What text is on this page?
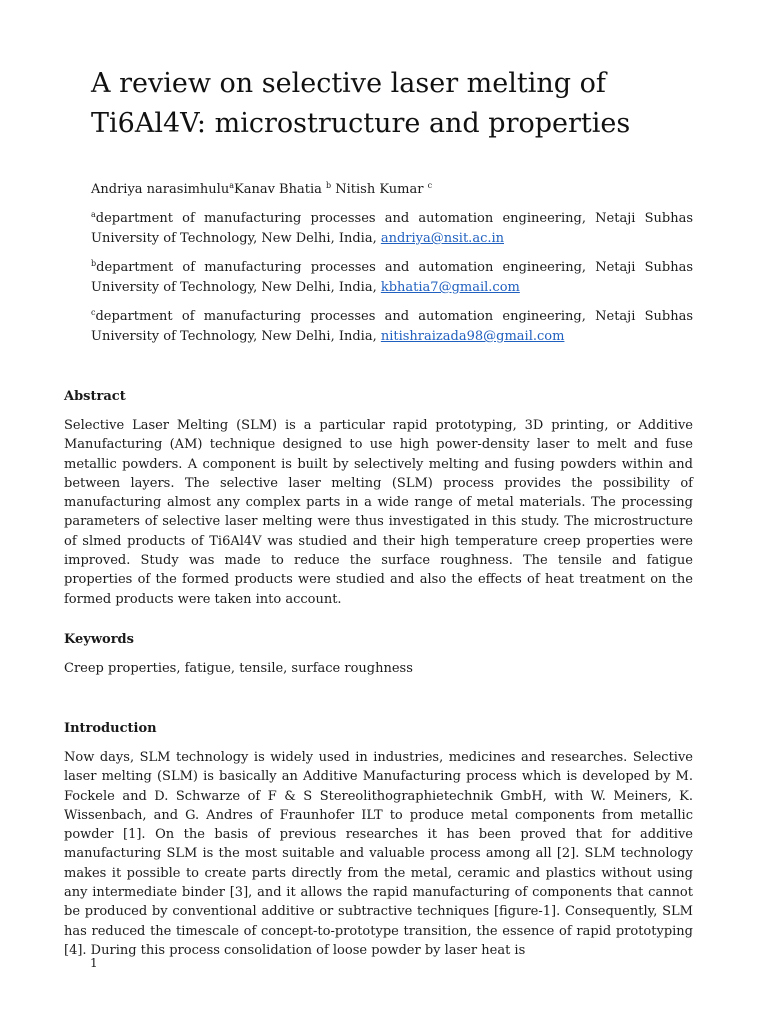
A review on selective laser melting of Ti6Al4V: microstructure and properties

Andriya narasimhulu$^a$Kanav Bhatia $^b$ Nitish Kumar $^c$

$^a$department of manufacturing processes and automation engineering, Netaji Subhas University of Technology, New Delhi, India, andriya@nsit.ac.in

$^b$department of manufacturing processes and automation engineering, Netaji Subhas University of Technology, New Delhi, India, kbhatia7@gmail.com

$^c$department of manufacturing processes and automation engineering, Netaji Subhas University of Technology, New Delhi, India, nitishraizada98@gmail.com

Abstract

Selective Laser Melting (SLM) is a particular rapid prototyping, 3D printing, or Additive Manufacturing (AM) technique designed to use high power-density laser to melt and fuse metallic powders. A component is built by selectively melting and fusing powders within and between layers. The selective laser melting (SLM) process provides the possibility of manufacturing almost any complex parts in a wide range of metal materials. The processing parameters of selective laser melting were thus investigated in this study. The microstructure of slmed products of Ti6Al4V was studied and their high temperature creep properties were improved. Study was made to reduce the surface roughness. The tensile and fatigue properties of the formed products were studied and also the effects of heat treatment on the formed products were taken into account.

Keywords

Creep properties, fatigue, tensile, surface roughness

Introduction

Now days, SLM technology is widely used in industries, medicines and researches. Selective laser melting (SLM) is basically an Additive Manufacturing process which is developed by M. Fockele and D. Schwarze of F & S Stereolithographietechnik GmbH, with W. Meiners, K. Wissenbach, and G. Andres of Fraunhofer ILT to produce metal components from metallic powder [1]. On the basis of previous researches it has been proved that for additive manufacturing SLM is the most suitable and valuable process among all [2]. SLM technology makes it possible to create parts directly from the metal, ceramic and plastics without using any intermediate binder [3], and it allows the rapid manufacturing of components that cannot be produced by conventional additive or subtractive techniques [figure-1]. Consequently, SLM has reduced the timescale of concept-to-prototype transition, the essence of rapid prototyping [4]. During this process consolidation of loose powder by laser heat is

1
